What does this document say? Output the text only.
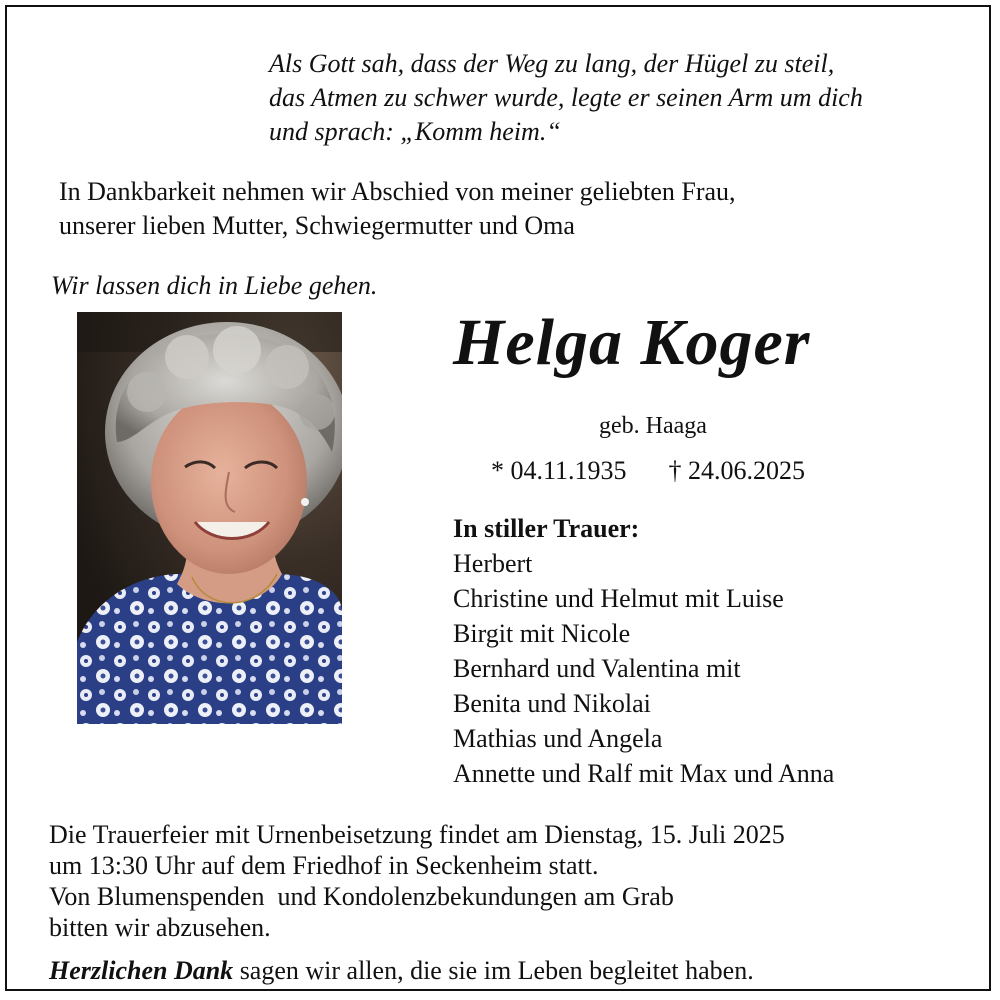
Als Gott sah, dass der Weg zu lang, der Hügel zu steil,
das Atmen zu schwer wurde, legte er seinen Arm um dich
und sprach: „Komm heim.“
In Dankbarkeit nehmen wir Abschied von meiner geliebten Frau,
unserer lieben Mutter, Schwiegermutter und Oma
Wir lassen dich in Liebe gehen.
Helga Koger
geb. Haaga
* 04.11.1935 † 24.06.2025
In stiller Trauer:
Herbert
Christine und Helmut mit Luise
Birgit mit Nicole
Bernhard und Valentina mit
Benita und Nikolai
Mathias und Angela
Annette und Ralf mit Max und Anna
Die Trauerfeier mit Urnenbeisetzung findet am Dienstag, 15. Juli 2025
um 13:30 Uhr auf dem Friedhof in Seckenheim statt.
Von Blumenspenden  und Kondolenzbekundungen am Grab
bitten wir abzusehen.
Herzlichen Dank sagen wir allen, die sie im Leben begleitet haben.
